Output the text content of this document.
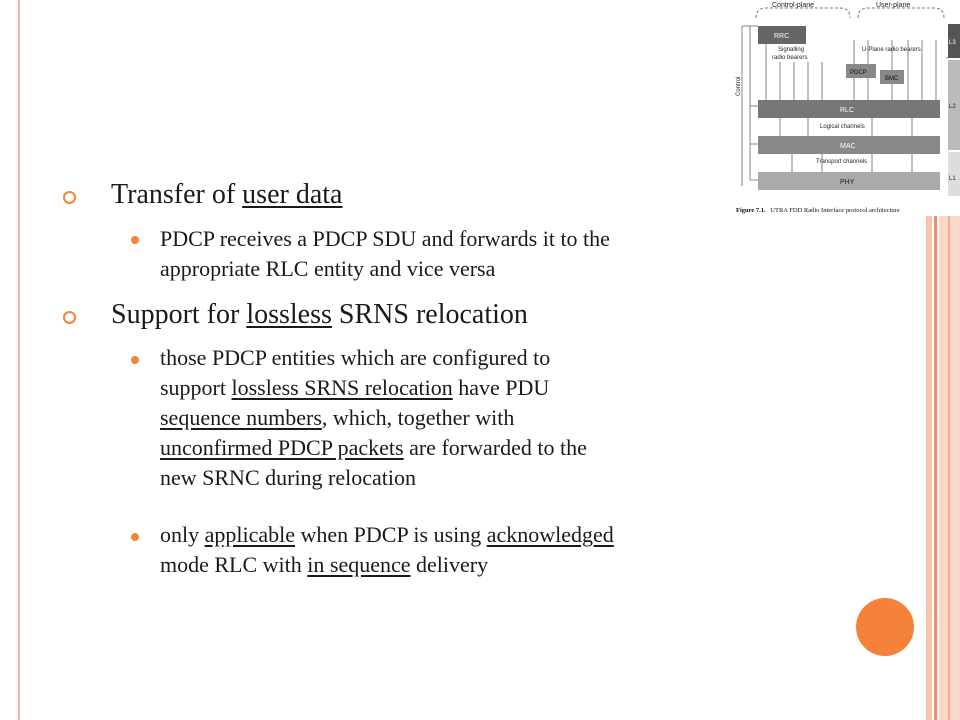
Control-plane	User-plane
L3
L2
L1
Control
RRC
Signalling
radio bearers
U-Plane radio bearers
PDCP
BMC
RLC
Logical channels
MAC
Transport channels
PHY
Figure 7.1. UTRA FDD Radio Interface protocol architecture
Transfer of user data
PDCP receives a PDCP SDU and forwards it to the
appropriate RLC entity and vice versa
Support for lossless SRNS relocation
those PDCP entities which are configured to
support lossless SRNS relocation have PDU
sequence numbers, which, together with
unconfirmed PDCP packets are forwarded to the
new SRNC during relocation
only applicable when PDCP is using acknowledged
mode RLC with in sequence delivery
